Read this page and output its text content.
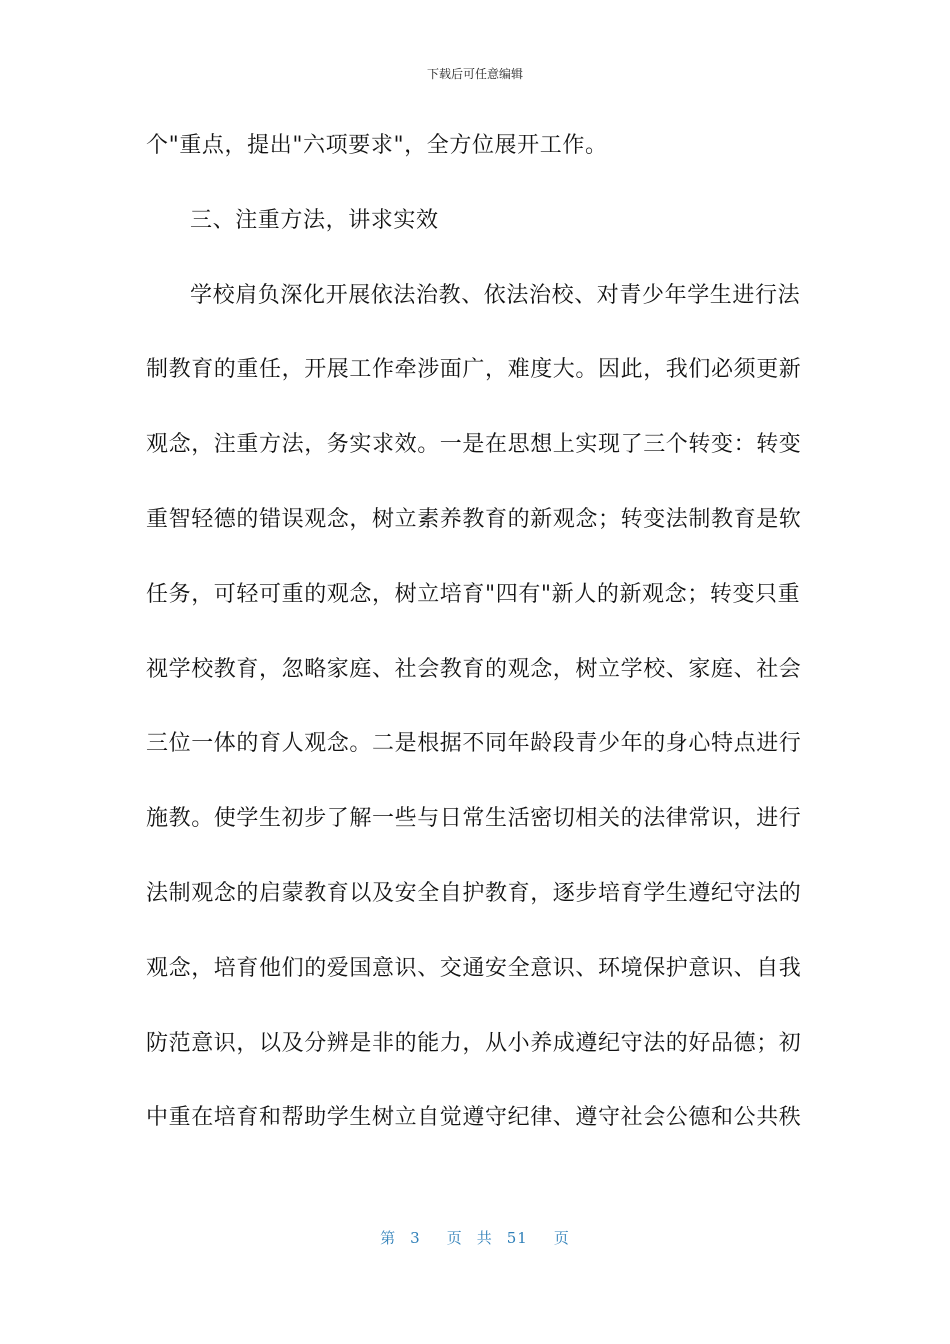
下载后可任意编辑
个"重点，提出"六项要求"，全方位展开工作。
三、注重方法，讲求实效
学校肩负深化开展依法治教、依法治校、对青少年学生进行法
制教育的重任，开展工作牵涉面广，难度大。因此，我们必须更新
观念，注重方法，务实求效。一是在思想上实现了三个转变：转变
重智轻德的错误观念，树立素养教育的新观念；转变法制教育是软
任务，可轻可重的观念，树立培育"四有"新人的新观念；转变只重
视学校教育，忽略家庭、社会教育的观念，树立学校、家庭、社会
三位一体的育人观念。二是根据不同年龄段青少年的身心特点进行
施教。使学生初步了解一些与日常生活密切相关的法律常识，进行
法制观念的启蒙教育以及安全自护教育，逐步培育学生遵纪守法的
观念，培育他们的爱国意识、交通安全意识、环境保护意识、自我
防范意识，以及分辨是非的能力，从小养成遵纪守法的好品德；初
中重在培育和帮助学生树立自觉遵守纪律、遵守社会公德和公共秩
第 3 页 共 51 页
